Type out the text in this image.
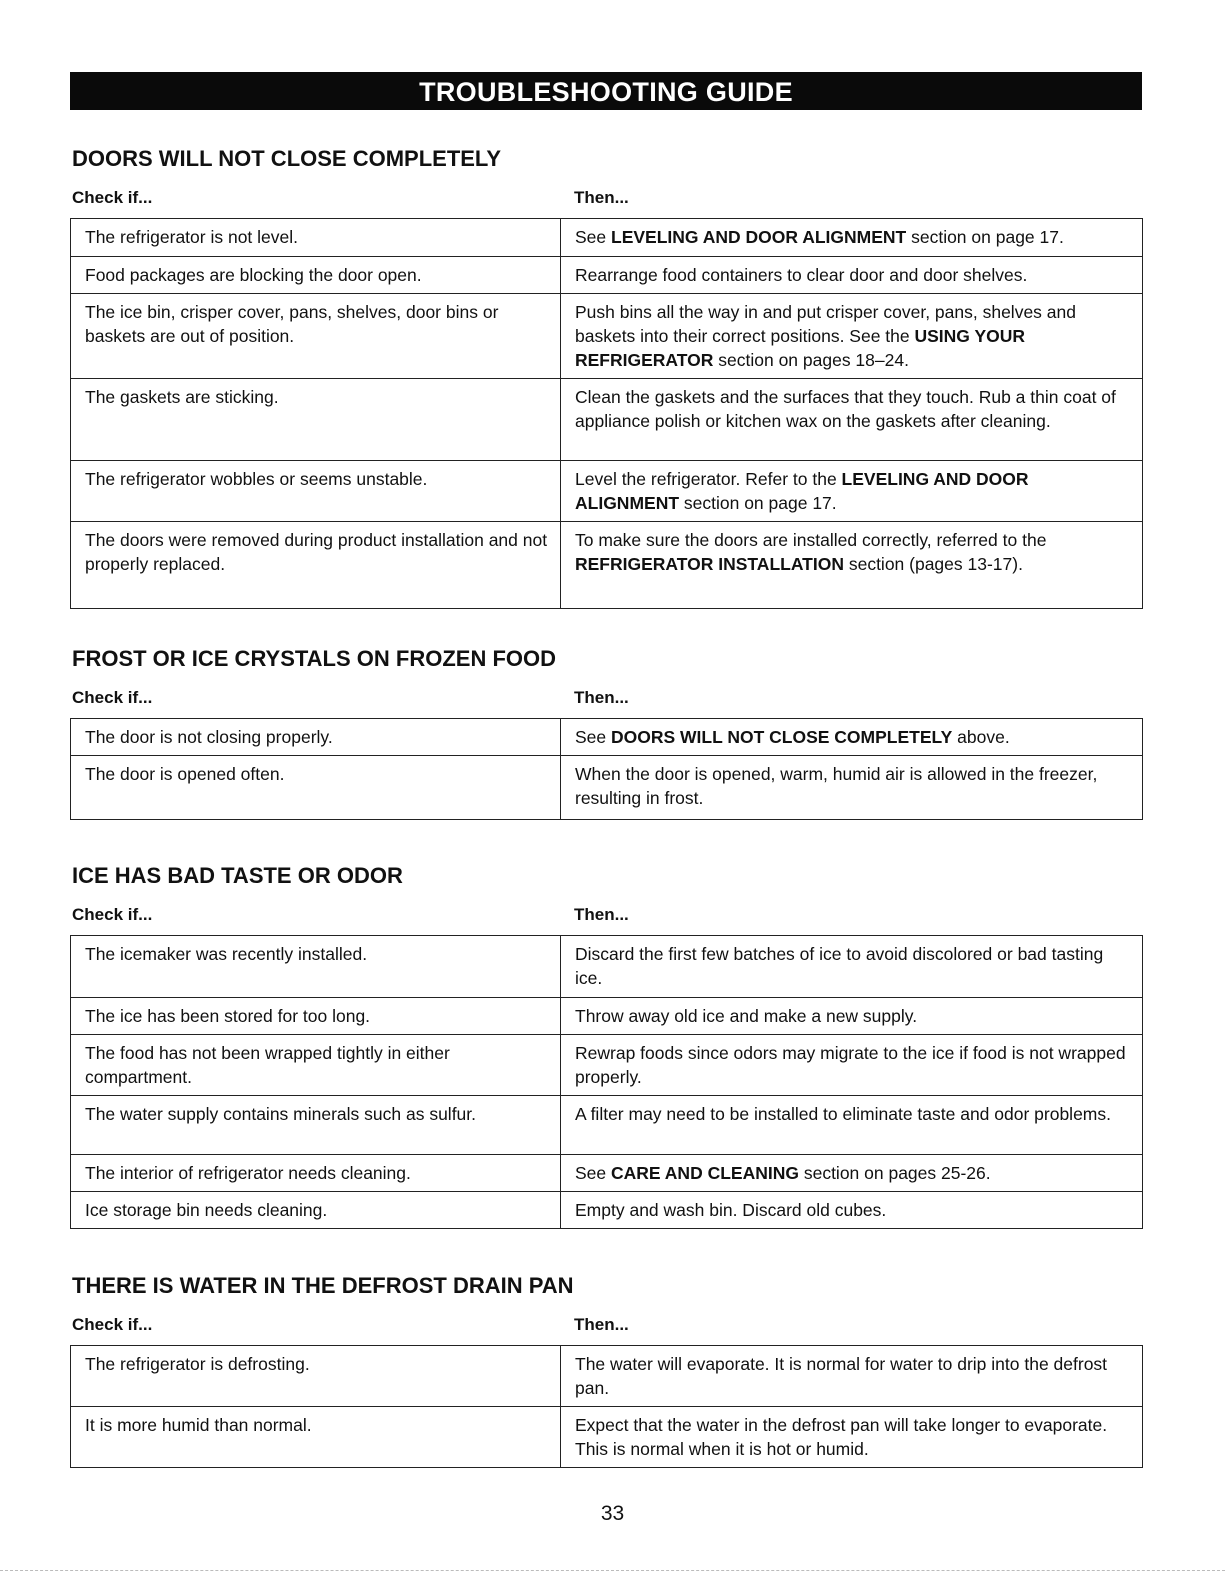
TROUBLESHOOTING GUIDE
DOORS WILL NOT CLOSE COMPLETELY
Check if...	Then...
The refrigerator is not level.	See LEVELING AND DOOR ALIGNMENT section on page 17.
Food packages are blocking the door open.	Rearrange food containers to clear door and door shelves.
The ice bin, crisper cover, pans, shelves, door bins or baskets are out of position.	Push bins all the way in and put crisper cover, pans, shelves and baskets into their correct positions. See the USING YOUR REFRIGERATOR section on pages 18–24.
The gaskets are sticking.	Clean the gaskets and the surfaces that they touch. Rub a thin coat of appliance polish or kitchen wax on the gaskets after cleaning.
The refrigerator wobbles or seems unstable.	Level the refrigerator. Refer to the LEVELING AND DOOR ALIGNMENT section on page 17.
The doors were removed during product installation and not properly replaced.	To make sure the doors are installed correctly, referred to the REFRIGERATOR INSTALLATION section (pages 13-17).
FROST OR ICE CRYSTALS ON FROZEN FOOD
Check if...	Then...
The door is not closing properly.	See DOORS WILL NOT CLOSE COMPLETELY above.
The door is opened often.	When the door is opened, warm, humid air is allowed in the freezer, resulting in frost.
ICE HAS BAD TASTE OR ODOR
Check if...	Then...
The icemaker was recently installed.	Discard the first few batches of ice to avoid discolored or bad tasting ice.
The ice has been stored for too long.	Throw away old ice and make a new supply.
The food has not been wrapped tightly in either compartment.	Rewrap foods since odors may migrate to the ice if food is not wrapped properly.
The water supply contains minerals such as sulfur.	A filter may need to be installed to eliminate taste and odor problems.
The interior of refrigerator needs cleaning.	See CARE AND CLEANING section on pages 25-26.
Ice storage bin needs cleaning.	Empty and wash bin. Discard old cubes.
THERE IS WATER IN THE DEFROST DRAIN PAN
Check if...	Then...
The refrigerator is defrosting.	The water will evaporate. It is normal for water to drip into the defrost pan.
It is more humid than normal.	Expect that the water in the defrost pan will take longer to evaporate. This is normal when it is hot or humid.
33
